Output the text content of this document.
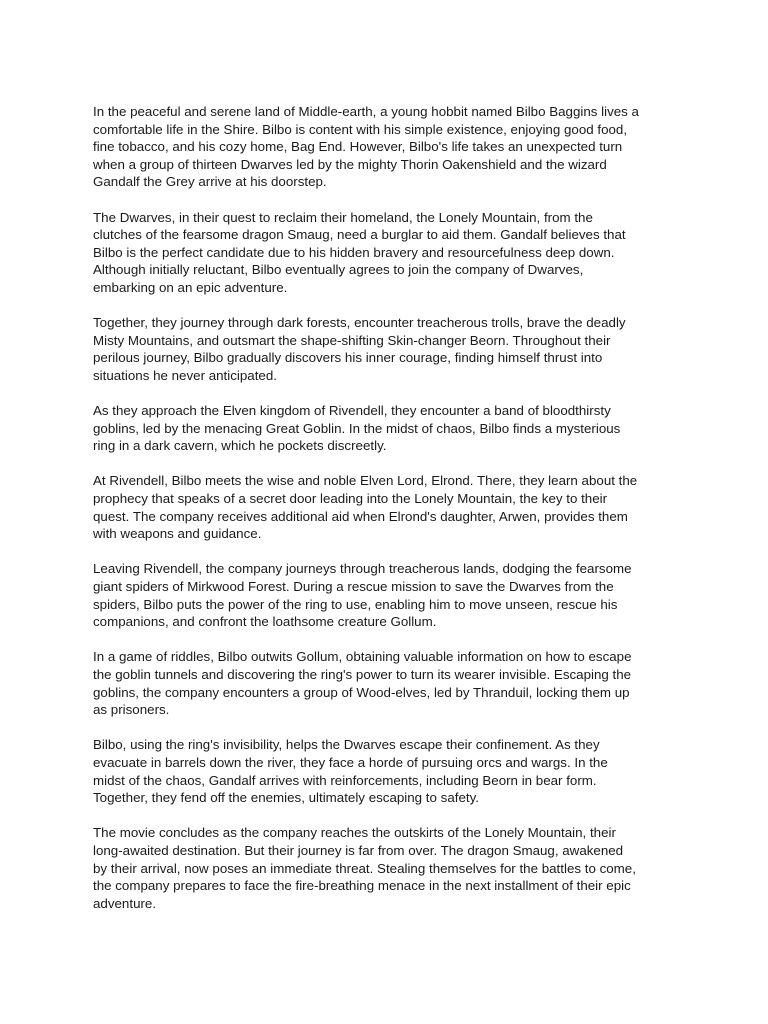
In the peaceful and serene land of Middle-earth, a young hobbit named Bilbo Baggins lives a
comfortable life in the Shire. Bilbo is content with his simple existence, enjoying good food,
fine tobacco, and his cozy home, Bag End. However, Bilbo's life takes an unexpected turn
when a group of thirteen Dwarves led by the mighty Thorin Oakenshield and the wizard
Gandalf the Grey arrive at his doorstep.
The Dwarves, in their quest to reclaim their homeland, the Lonely Mountain, from the
clutches of the fearsome dragon Smaug, need a burglar to aid them. Gandalf believes that
Bilbo is the perfect candidate due to his hidden bravery and resourcefulness deep down.
Although initially reluctant, Bilbo eventually agrees to join the company of Dwarves,
embarking on an epic adventure.
Together, they journey through dark forests, encounter treacherous trolls, brave the deadly
Misty Mountains, and outsmart the shape-shifting Skin-changer Beorn. Throughout their
perilous journey, Bilbo gradually discovers his inner courage, finding himself thrust into
situations he never anticipated.
As they approach the Elven kingdom of Rivendell, they encounter a band of bloodthirsty
goblins, led by the menacing Great Goblin. In the midst of chaos, Bilbo finds a mysterious
ring in a dark cavern, which he pockets discreetly.
At Rivendell, Bilbo meets the wise and noble Elven Lord, Elrond. There, they learn about the
prophecy that speaks of a secret door leading into the Lonely Mountain, the key to their
quest. The company receives additional aid when Elrond's daughter, Arwen, provides them
with weapons and guidance.
Leaving Rivendell, the company journeys through treacherous lands, dodging the fearsome
giant spiders of Mirkwood Forest. During a rescue mission to save the Dwarves from the
spiders, Bilbo puts the power of the ring to use, enabling him to move unseen, rescue his
companions, and confront the loathsome creature Gollum.
In a game of riddles, Bilbo outwits Gollum, obtaining valuable information on how to escape
the goblin tunnels and discovering the ring's power to turn its wearer invisible. Escaping the
goblins, the company encounters a group of Wood-elves, led by Thranduil, locking them up
as prisoners.
Bilbo, using the ring's invisibility, helps the Dwarves escape their confinement. As they
evacuate in barrels down the river, they face a horde of pursuing orcs and wargs. In the
midst of the chaos, Gandalf arrives with reinforcements, including Beorn in bear form.
Together, they fend off the enemies, ultimately escaping to safety.
The movie concludes as the company reaches the outskirts of the Lonely Mountain, their
long-awaited destination. But their journey is far from over. The dragon Smaug, awakened
by their arrival, now poses an immediate threat. Stealing themselves for the battles to come,
the company prepares to face the fire-breathing menace in the next installment of their epic
adventure.
